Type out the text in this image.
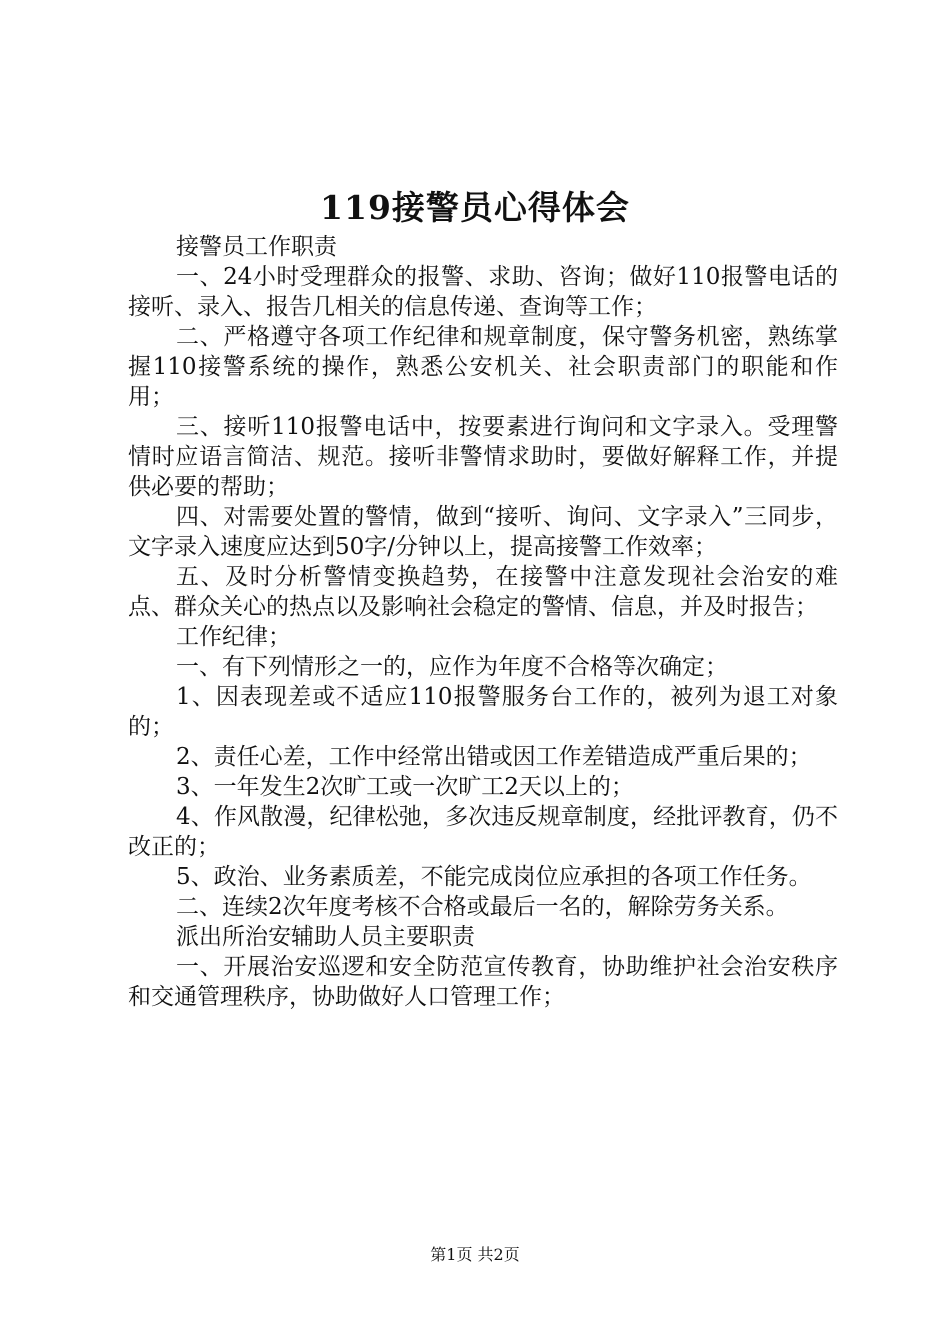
119接警员心得体会

接警员工作职责

一、24小时受理群众的报警、求助、咨询；做好110报警电话的接听、录入、报告几相关的信息传递、查询等工作；

二、严格遵守各项工作纪律和规章制度，保守警务机密，熟练掌握110接警系统的操作，熟悉公安机关、社会职责部门的职能和作用；

三、接听110报警电话中，按要素进行询问和文字录入。受理警情时应语言简洁、规范。接听非警情求助时，要做好解释工作，并提供必要的帮助；

四、对需要处置的警情，做到“接听、询问、文字录入”三同步，文字录入速度应达到50字/分钟以上，提高接警工作效率；

五、及时分析警情变换趋势，在接警中注意发现社会治安的难点、群众关心的热点以及影响社会稳定的警情、信息，并及时报告；

工作纪律；

一、有下列情形之一的，应作为年度不合格等次确定；

1、因表现差或不适应110报警服务台工作的，被列为退工对象的；

2、责任心差，工作中经常出错或因工作差错造成严重后果的；

3、一年发生2次旷工或一次旷工2天以上的；

4、作风散漫，纪律松弛，多次违反规章制度，经批评教育，仍不改正的；

5、政治、业务素质差，不能完成岗位应承担的各项工作任务。

二、连续2次年度考核不合格或最后一名的，解除劳务关系。

派出所治安辅助人员主要职责

一、开展治安巡逻和安全防范宣传教育，协助维护社会治安秩序和交通管理秩序，协助做好人口管理工作；

第1页 共2页
